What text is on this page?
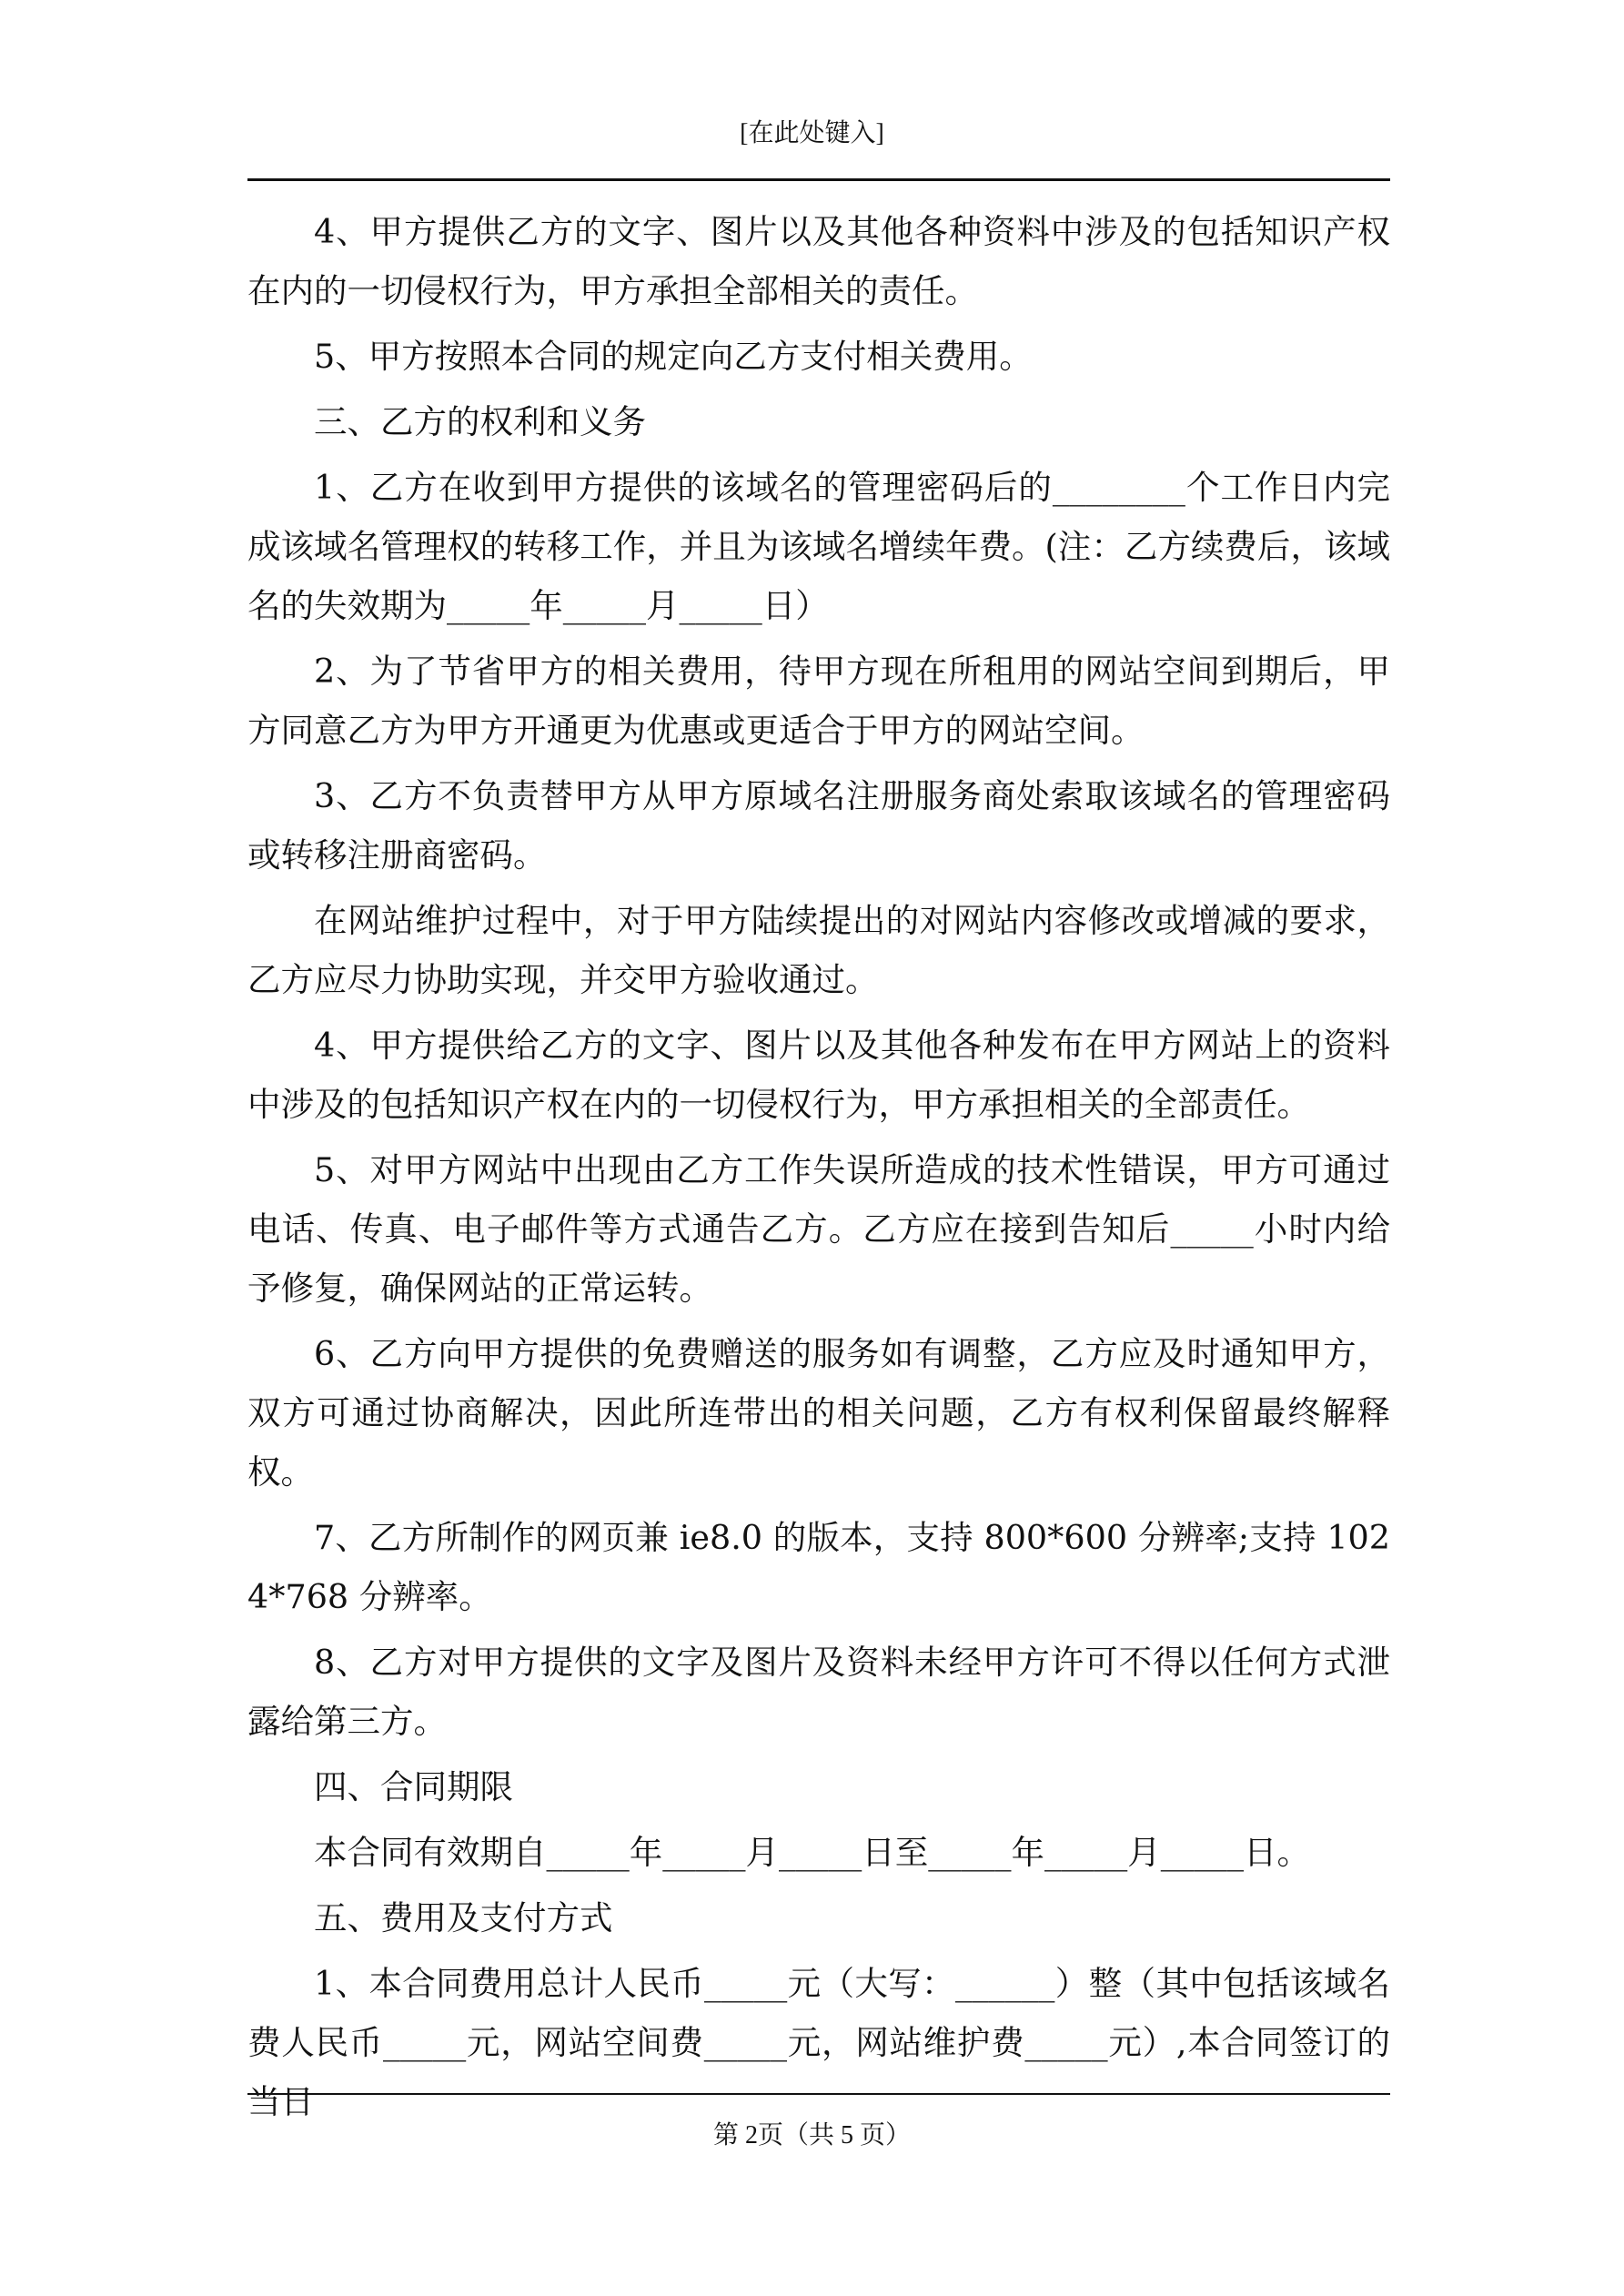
[在此处键入]

4、甲方提供乙方的文字、图片以及其他各种资料中涉及的包括知识产权在内的一切侵权行为，甲方承担全部相关的责任。

5、甲方按照本合同的规定向乙方支付相关费用。

三、乙方的权利和义务

1、乙方在收到甲方提供的该域名的管理密码后的________个工作日内完成该域名管理权的转移工作，并且为该域名增续年费。(注：乙方续费后，该域名的失效期为_____年_____月_____日）

2、为了节省甲方的相关费用，待甲方现在所租用的网站空间到期后，甲方同意乙方为甲方开通更为优惠或更适合于甲方的网站空间。

3、乙方不负责替甲方从甲方原域名注册服务商处索取该域名的管理密码或转移注册商密码。

在网站维护过程中，对于甲方陆续提出的对网站内容修改或增减的要求，乙方应尽力协助实现，并交甲方验收通过。

4、甲方提供给乙方的文字、图片以及其他各种发布在甲方网站上的资料中涉及的包括知识产权在内的一切侵权行为，甲方承担相关的全部责任。

5、对甲方网站中出现由乙方工作失误所造成的技术性错误，甲方可通过电话、传真、电子邮件等方式通告乙方。乙方应在接到告知后_____小时内给予修复，确保网站的正常运转。

6、乙方向甲方提供的免费赠送的服务如有调整，乙方应及时通知甲方，双方可通过协商解决，因此所连带出的相关问题，乙方有权利保留最终解释权。

7、乙方所制作的网页兼 ie8.0 的版本，支持 800*600 分辨率;支持 1024*768 分辨率。

8、乙方对甲方提供的文字及图片及资料未经甲方许可不得以任何方式泄露给第三方。

四、合同期限

本合同有效期自_____年_____月_____日至_____年_____月_____日。

五、费用及支付方式

1、本合同费用总计人民币_____元（大写：______）整（其中包括该域名费人民币_____元，网站空间费_____元，网站维护费_____元）,本合同签订的当日

第 2页（共 5 页）
